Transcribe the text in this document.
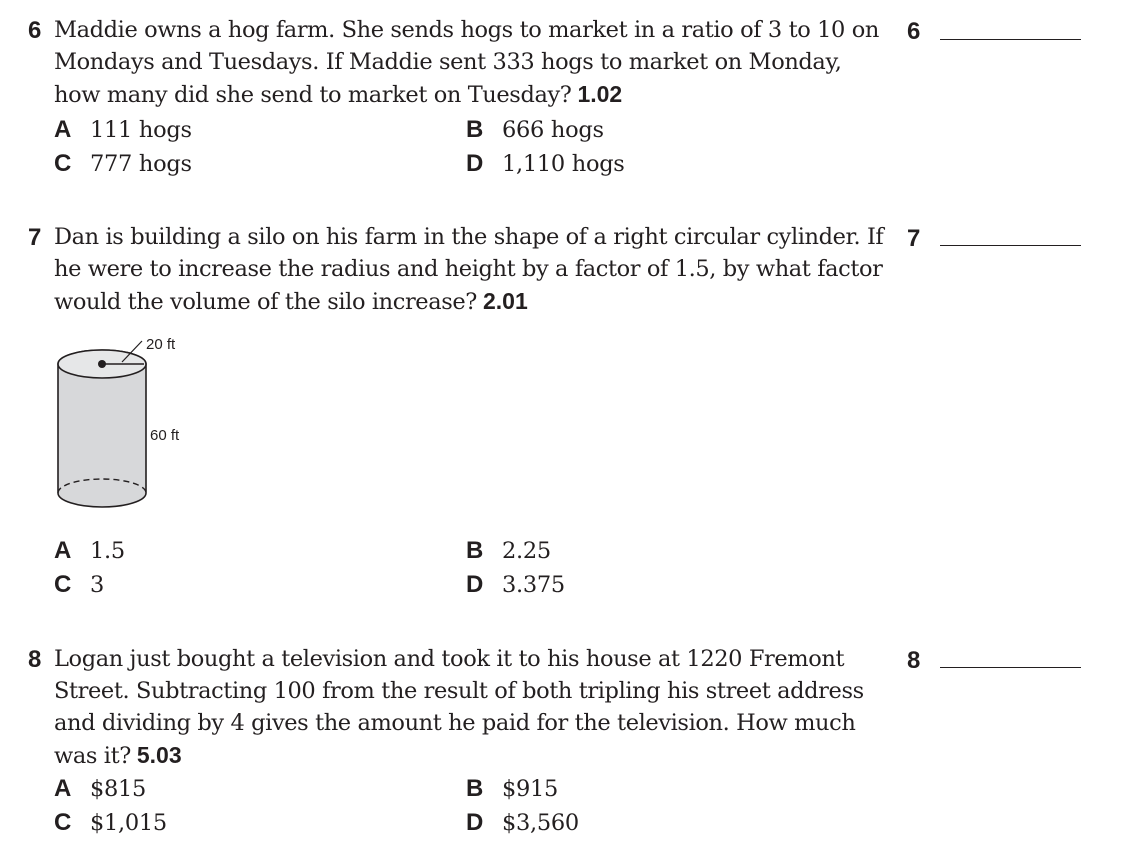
6 Maddie owns a hog farm. She sends hogs to market in a ratio of 3 to 10 on Mondays and Tuesdays. If Maddie sent 333 hogs to market on Monday, how many did she send to market on Tuesday? 1.02
6
A 111 hogs	B 666 hogs
C 777 hogs	D 1,110 hogs
7 Dan is building a silo on his farm in the shape of a right circular cylinder. If he were to increase the radius and height by a factor of 1.5, by what factor would the volume of the silo increase? 2.01
7
20 ft
60 ft
A 1.5	B 2.25
C 3	D 3.375
8 Logan just bought a television and took it to his house at 1220 Fremont Street. Subtracting 100 from the result of both tripling his street address and dividing by 4 gives the amount he paid for the television. How much was it? 5.03
8
A $815	B $915
C $1,015	D $3,560
